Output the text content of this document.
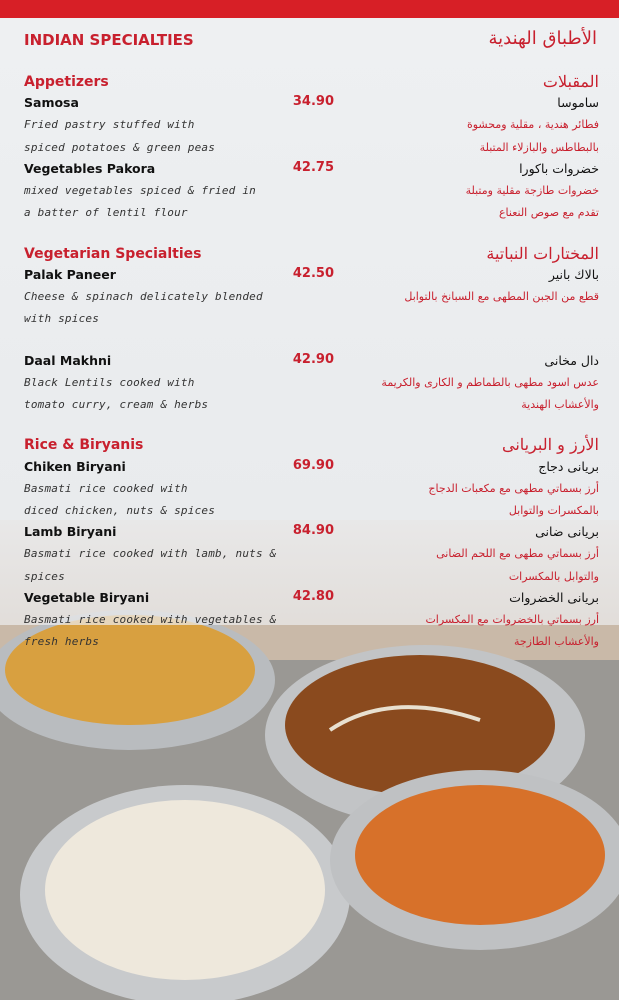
INDIAN SPECIALTIES	الأطباق الهندية
Appetizers	المقبلات
Samosa	34.90	ساموسا
Fried pastry stuffed with	فطائر هندية ، مقلية ومحشوة
spiced potatoes & green peas	بالبطاطس والبازلاء المتبلة
Vegetables Pakora	42.75	خضروات باكورا
mixed vegetables spiced & fried in	خضروات طازجة مقلية ومتبلة
a batter of lentil flour	تقدم مع صوص النعناع
Vegetarian Specialties	المختارات النباتية
Palak Paneer	42.50	بالاك بانير
Cheese & spinach delicately blended	قطع من الجبن المطهى مع السبانخ بالتوابل
with spices
Daal Makhni	42.90	دال مخانى
Black Lentils cooked with	عدس اسود مطهى بالطماطم و الكارى والكريمة
tomato curry, cream & herbs	والأعشاب الهندية
Rice & Biryanis	الأرز و البريانى
Chiken Biryani	69.90	بريانى دجاج
Basmati rice cooked with	أرز بسماتي مطهى مع مكعبات الدجاج
diced chicken, nuts & spices	بالمكسرات والتوابل
Lamb Biryani	84.90	بريانى ضانى
Basmati rice cooked with lamb, nuts &	أرز بسماتي مطهى مع اللحم الضانى
spices	والتوابل بالمكسرات
Vegetable Biryani	42.80	بريانى الخضروات
Basmati rice cooked with vegetables &	أرز بسماتي بالخضروات مع المكسرات
fresh herbs	والأعشاب الطازجة
